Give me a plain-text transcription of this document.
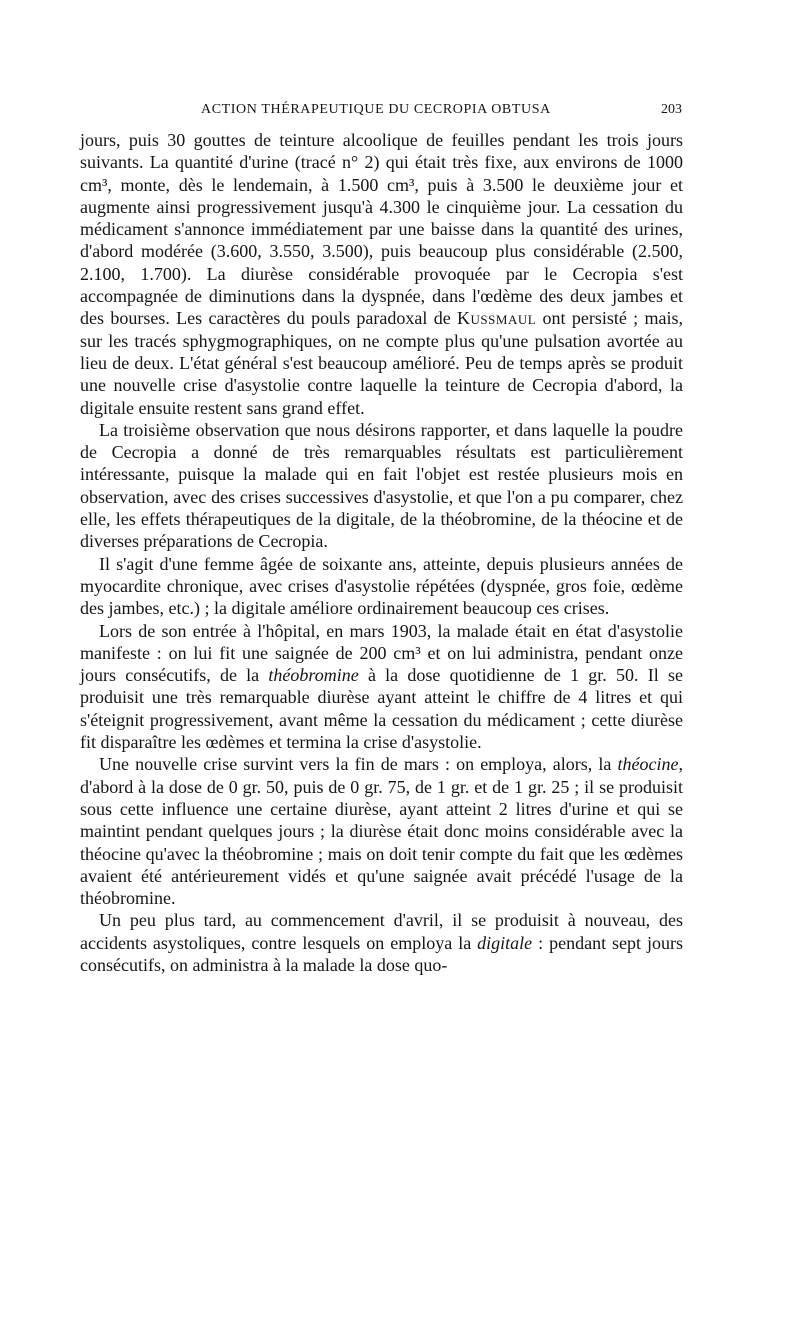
ACTION THÉRAPEUTIQUE DU CECROPIA OBTUSA	203

jours, puis 30 gouttes de teinture alcoolique de feuilles pendant les trois jours suivants. La quantité d'urine (tracé n° 2) qui était très fixe, aux environs de 1000 cm³, monte, dès le lendemain, à 1.500 cm³, puis à 3.500 le deuxième jour et augmente ainsi progressivement jusqu'à 4.300 le cinquième jour. La cessation du médicament s'annonce immédiatement par une baisse dans la quantité des urines, d'abord modérée (3.600, 3.550, 3.500), puis beaucoup plus considérable (2.500, 2.100, 1.700). La diurèse considérable provoquée par le Cecropia s'est accompagnée de diminutions dans la dyspnée, dans l'œdème des deux jambes et des bourses. Les caractères du pouls paradoxal de Kussmaul ont persisté ; mais, sur les tracés sphygmographiques, on ne compte plus qu'une pulsation avortée au lieu de deux. L'état général s'est beaucoup amélioré. Peu de temps après se produit une nouvelle crise d'asystolie contre laquelle la teinture de Cecropia d'abord, la digitale ensuite restent sans grand effet.

La troisième observation que nous désirons rapporter, et dans laquelle la poudre de Cecropia a donné de très remarquables résultats est particulièrement intéressante, puisque la malade qui en fait l'objet est restée plusieurs mois en observation, avec des crises successives d'asystolie, et que l'on a pu comparer, chez elle, les effets thérapeutiques de la digitale, de la théobromine, de la théocine et de diverses préparations de Cecropia.

Il s'agit d'une femme âgée de soixante ans, atteinte, depuis plusieurs années de myocardite chronique, avec crises d'asystolie répétées (dyspnée, gros foie, œdème des jambes, etc.) ; la digitale améliore ordinairement beaucoup ces crises.

Lors de son entrée à l'hôpital, en mars 1903, la malade était en état d'asystolie manifeste : on lui fit une saignée de 200 cm³ et on lui administra, pendant onze jours consécutifs, de la théobromine à la dose quotidienne de 1 gr. 50. Il se produisit une très remarquable diurèse ayant atteint le chiffre de 4 litres et qui s'éteignit progressivement, avant même la cessation du médicament ; cette diurèse fit disparaître les œdèmes et termina la crise d'asystolie.

Une nouvelle crise survint vers la fin de mars : on employa, alors, la théocine, d'abord à la dose de 0 gr. 50, puis de 0 gr. 75, de 1 gr. et de 1 gr. 25 ; il se produisit sous cette influence une certaine diurèse, ayant atteint 2 litres d'urine et qui se maintint pendant quelques jours ; la diurèse était donc moins considérable avec la théocine qu'avec la théobromine ; mais on doit tenir compte du fait que les œdèmes avaient été antérieurement vidés et qu'une saignée avait précédé l'usage de la théobromine.

Un peu plus tard, au commencement d'avril, il se produisit à nouveau, des accidents asystoliques, contre lesquels on employa la digitale : pendant sept jours consécutifs, on administra à la malade la dose quo-
